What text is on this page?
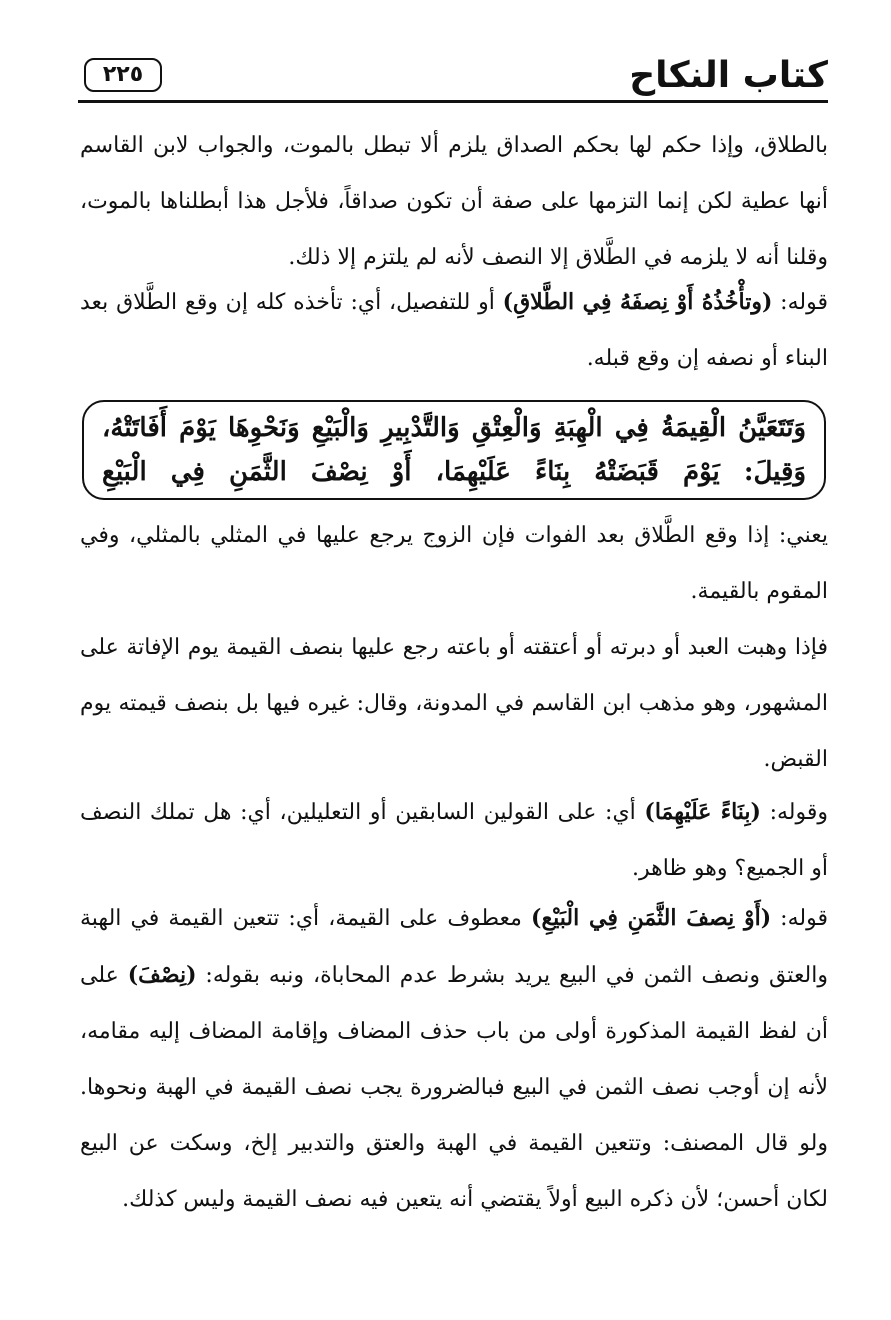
٢٢٥	كتاب النكاح
بالطلاق، وإذا حكم لها بحكم الصداق يلزم ألا تبطل بالموت، والجواب لابن القاسم أنها عطية لكن إنما التزمها على صفة أن تكون صداقاً، فلأجل هذا أبطلناها بالموت، وقلنا أنه لا يلزمه في الطَّلاق إلا النصف لأنه لم يلتزم إلا ذلك.
قوله: (وتأْخُذُهُ أَوْ نِصفَهُ فِي الطَّلاقِ) أو للتفصيل، أي: تأخذه كله إن وقع الطَّلاق بعد البناء أو نصفه إن وقع قبله.
وَتَتَعَيَّنُ الْقِيمَةُ فِي الْهِبَةِ وَالْعِتْقِ وَالتَّدْبِيرِ وَالْبَيْعِ وَنَحْوِهَا يَوْمَ أَفَاتَتْهُ، وَقِيلَ: يَوْمَ قَبَضَتْهُ بِنَاءً عَلَيْهِمَا، أَوْ نِصْفَ الثَّمَنِ فِي الْبَيْعِ
يعني: إذا وقع الطَّلاق بعد الفوات فإن الزوج يرجع عليها في المثلي بالمثلي، وفي المقوم بالقيمة.
فإذا وهبت العبد أو دبرته أو أعتقته أو باعته رجع عليها بنصف القيمة يوم الإفاتة على المشهور، وهو مذهب ابن القاسم في المدونة، وقال: غيره فيها بل بنصف قيمته يوم القبض.
وقوله: (بِنَاءً عَلَيْهِمَا) أي: على القولين السابقين أو التعليلين، أي: هل تملك النصف أو الجميع؟ وهو ظاهر.
قوله: (أَوْ نِصفَ الثَّمَنِ فِي الْبَيْعِ) معطوف على القيمة، أي: تتعين القيمة في الهبة والعتق ونصف الثمن في البيع يريد بشرط عدم المحاباة، ونبه بقوله: (نِصْفَ) على أن لفظ القيمة المذكورة أولى من باب حذف المضاف وإقامة المضاف إليه مقامه، لأنه إن أوجب نصف الثمن في البيع فبالضرورة يجب نصف القيمة في الهبة ونحوها. ولو قال المصنف: وتتعين القيمة في الهبة والعتق والتدبير إلخ، وسكت عن البيع لكان أحسن؛ لأن ذكره البيع أولاً يقتضي أنه يتعين فيه نصف القيمة وليس كذلك.
